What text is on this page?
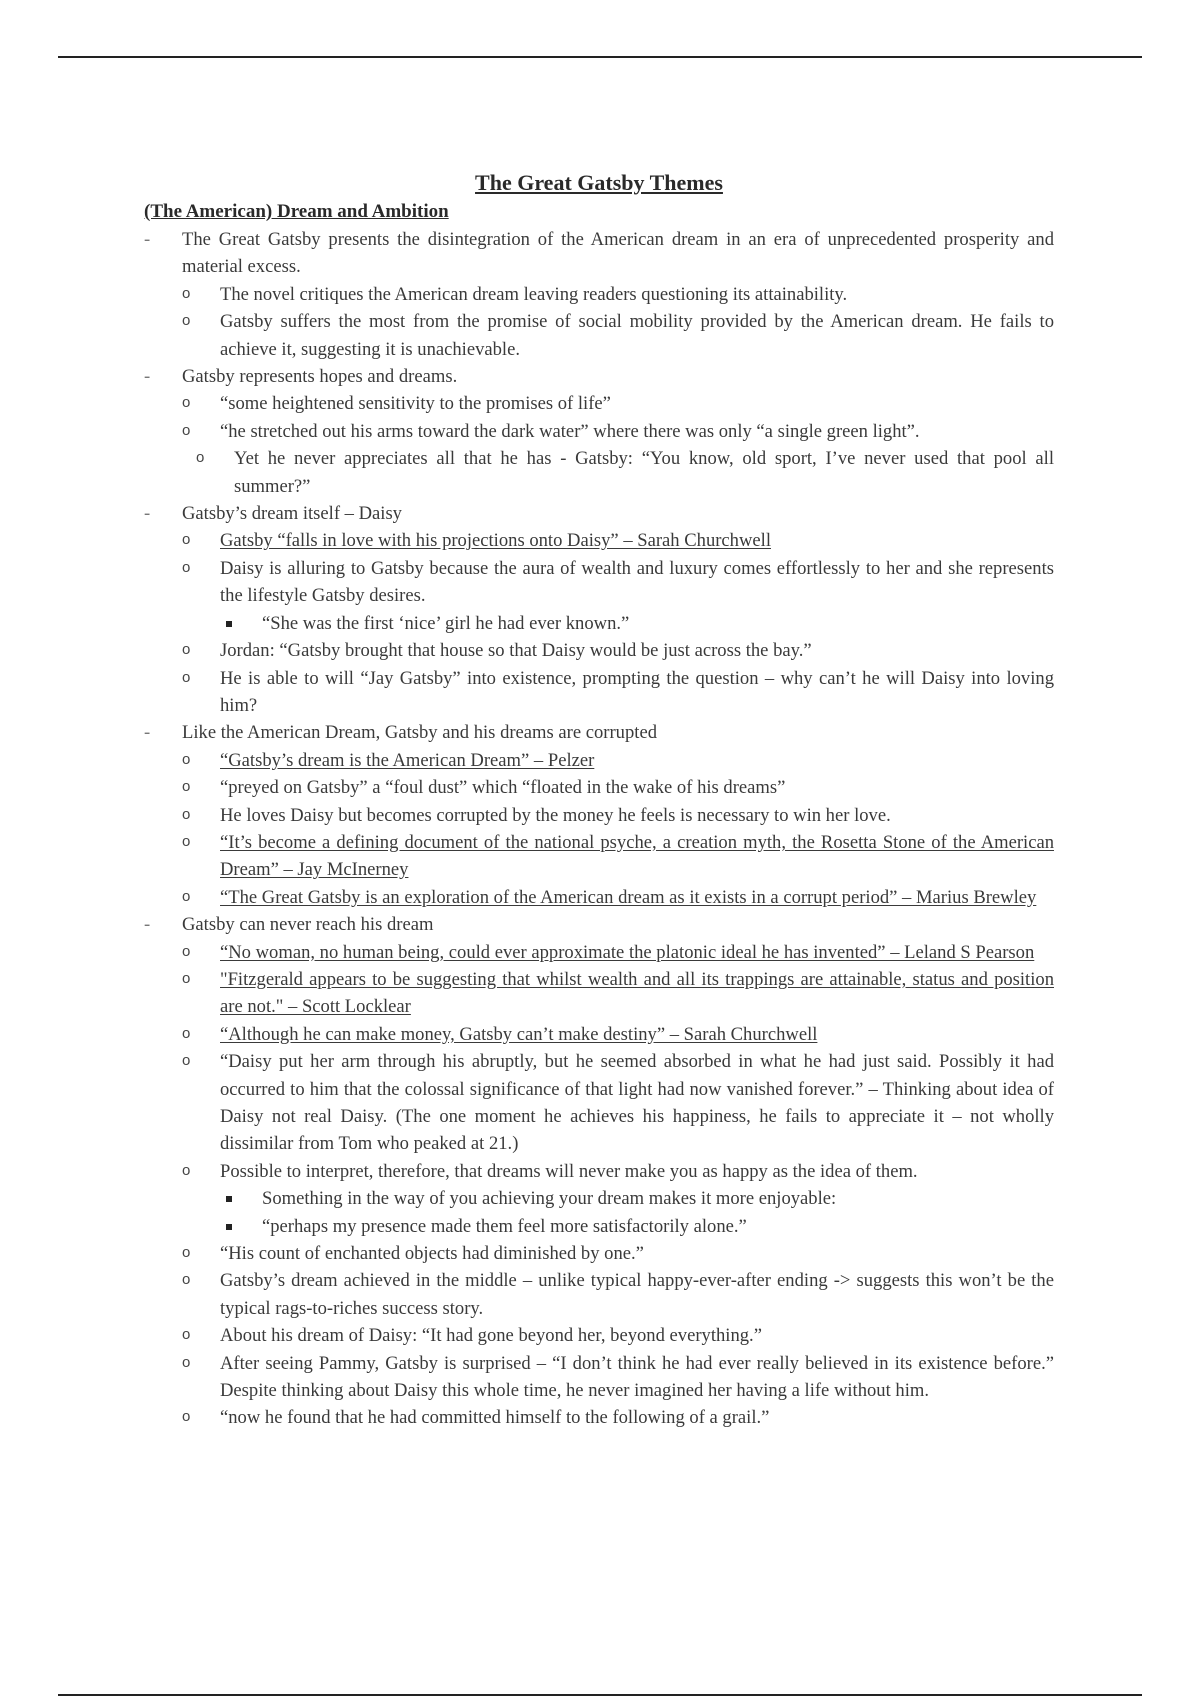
The Great Gatsby Themes
(The American) Dream and Ambition
- The Great Gatsby presents the disintegration of the American dream in an era of unprecedented prosperity and material excess.
o The novel critiques the American dream leaving readers questioning its attainability.
o Gatsby suffers the most from the promise of social mobility provided by the American dream. He fails to achieve it, suggesting it is unachievable.
- Gatsby represents hopes and dreams.
o “some heightened sensitivity to the promises of life”
o “he stretched out his arms toward the dark water” where there was only “a single green light”.
o Yet he never appreciates all that he has - Gatsby: “You know, old sport, I’ve never used that pool all summer?”
- Gatsby’s dream itself – Daisy
o Gatsby “falls in love with his projections onto Daisy” – Sarah Churchwell
o Daisy is alluring to Gatsby because the aura of wealth and luxury comes effortlessly to her and she represents the lifestyle Gatsby desires.
“She was the first ‘nice’ girl he had ever known.”
o Jordan: “Gatsby brought that house so that Daisy would be just across the bay.”
o He is able to will “Jay Gatsby” into existence, prompting the question – why can’t he will Daisy into loving him?
- Like the American Dream, Gatsby and his dreams are corrupted
o “Gatsby’s dream is the American Dream” – Pelzer
o “preyed on Gatsby” a “foul dust” which “floated in the wake of his dreams”
o He loves Daisy but becomes corrupted by the money he feels is necessary to win her love.
o “It’s become a defining document of the national psyche, a creation myth, the Rosetta Stone of the American Dream” – Jay McInerney
o “The Great Gatsby is an exploration of the American dream as it exists in a corrupt period” – Marius Brewley
- Gatsby can never reach his dream
o “No woman, no human being, could ever approximate the platonic ideal he has invented” – Leland S Pearson
o "Fitzgerald appears to be suggesting that whilst wealth and all its trappings are attainable, status and position are not." – Scott Locklear
o “Although he can make money, Gatsby can’t make destiny” – Sarah Churchwell
o “Daisy put her arm through his abruptly, but he seemed absorbed in what he had just said. Possibly it had occurred to him that the colossal significance of that light had now vanished forever.” – Thinking about idea of Daisy not real Daisy. (The one moment he achieves his happiness, he fails to appreciate it – not wholly dissimilar from Tom who peaked at 21.)
o Possible to interpret, therefore, that dreams will never make you as happy as the idea of them.
Something in the way of you achieving your dream makes it more enjoyable:
“perhaps my presence made them feel more satisfactorily alone.”
o “His count of enchanted objects had diminished by one.”
o Gatsby’s dream achieved in the middle – unlike typical happy-ever-after ending -> suggests this won’t be the typical rags-to-riches success story.
o About his dream of Daisy: “It had gone beyond her, beyond everything.”
o After seeing Pammy, Gatsby is surprised – “I don’t think he had ever really believed in its existence before.” Despite thinking about Daisy this whole time, he never imagined her having a life without him.
o “now he found that he had committed himself to the following of a grail.”
